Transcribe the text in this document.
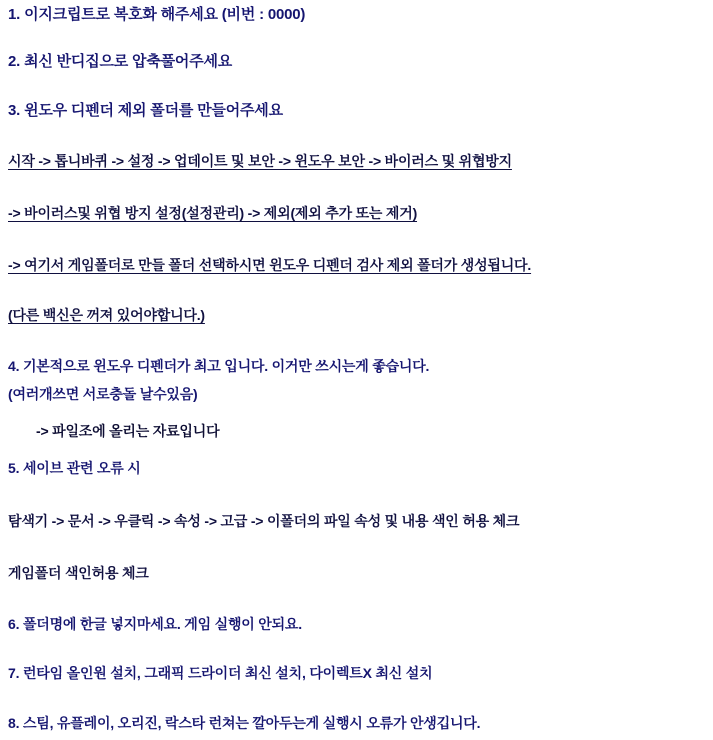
1. 이지크립트로 복호화 해주세요 (비번 : 0000)
2. 최신 반디집으로 압축풀어주세요
3. 윈도우 디펜더 제외 폴더를 만들어주세요
시작 -> 톱니바퀴 -> 설정 -> 업데이트 및 보안 -> 윈도우 보안 -> 바이러스 및 위협방지
-> 바이러스및 위협 방지 설정(설정관리) -> 제외(제외 추가 또는 제거)
-> 여기서 게임폴더로 만들 폴더 선택하시면 윈도우 디펜더 검사 제외 폴더가 생성됩니다.
(다른 백신은 꺼져 있어야합니다.)
4. 기본적으로 윈도우 디펜더가 최고 입니다. 이거만 쓰시는게 좋습니다.
(여러개쓰면 서로충돌 날수있음)
-> 파일조에 올리는 자료입니다
5. 세이브 관련 오류 시
탐색기 -> 문서 -> 우클릭 -> 속성 -> 고급 -> 이폴더의 파일 속성 및 내용 색인 허용 체크
게임폴더 색인허용 체크
6. 폴더명에 한글 넣지마세요. 게임 실행이 안되요.
7. 런타임 올인원 설치, 그래픽 드라이더 최신 설치, 다이렉트X 최신 설치
8. 스팀, 유플레이, 오리진, 락스타 런쳐는 깔아두는게 실행시 오류가 안생깁니다.
